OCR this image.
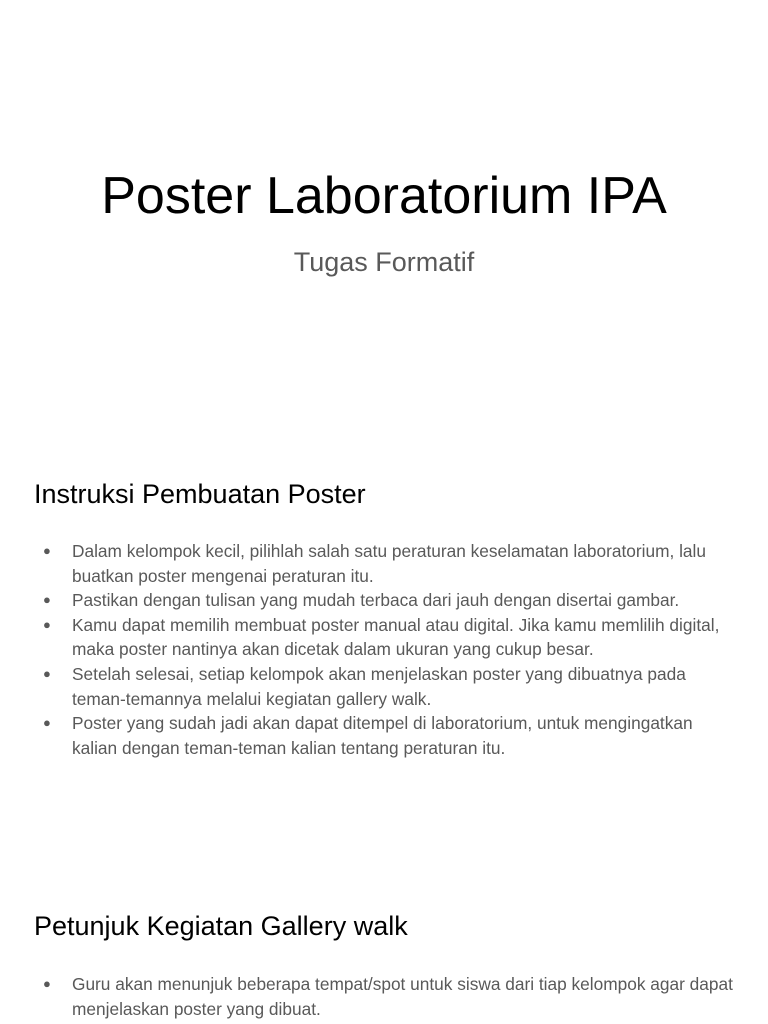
Poster Laboratorium IPA
Tugas Formatif
Instruksi Pembuatan Poster
● Dalam kelompok kecil, pilihlah salah satu peraturan keselamatan laboratorium, lalu buatkan poster mengenai peraturan itu.
● Pastikan dengan tulisan yang mudah terbaca dari jauh dengan disertai gambar.
● Kamu dapat memilih membuat poster manual atau digital. Jika kamu memlilih digital, maka poster nantinya akan dicetak dalam ukuran yang cukup besar.
● Setelah selesai, setiap kelompok akan menjelaskan poster yang dibuatnya pada teman-temannya melalui kegiatan gallery walk.
● Poster yang sudah jadi akan dapat ditempel di laboratorium, untuk mengingatkan kalian dengan teman-teman kalian tentang peraturan itu.
Petunjuk Kegiatan Gallery walk
● Guru akan menunjuk beberapa tempat/spot untuk siswa dari tiap kelompok agar dapat menjelaskan poster yang dibuat.
